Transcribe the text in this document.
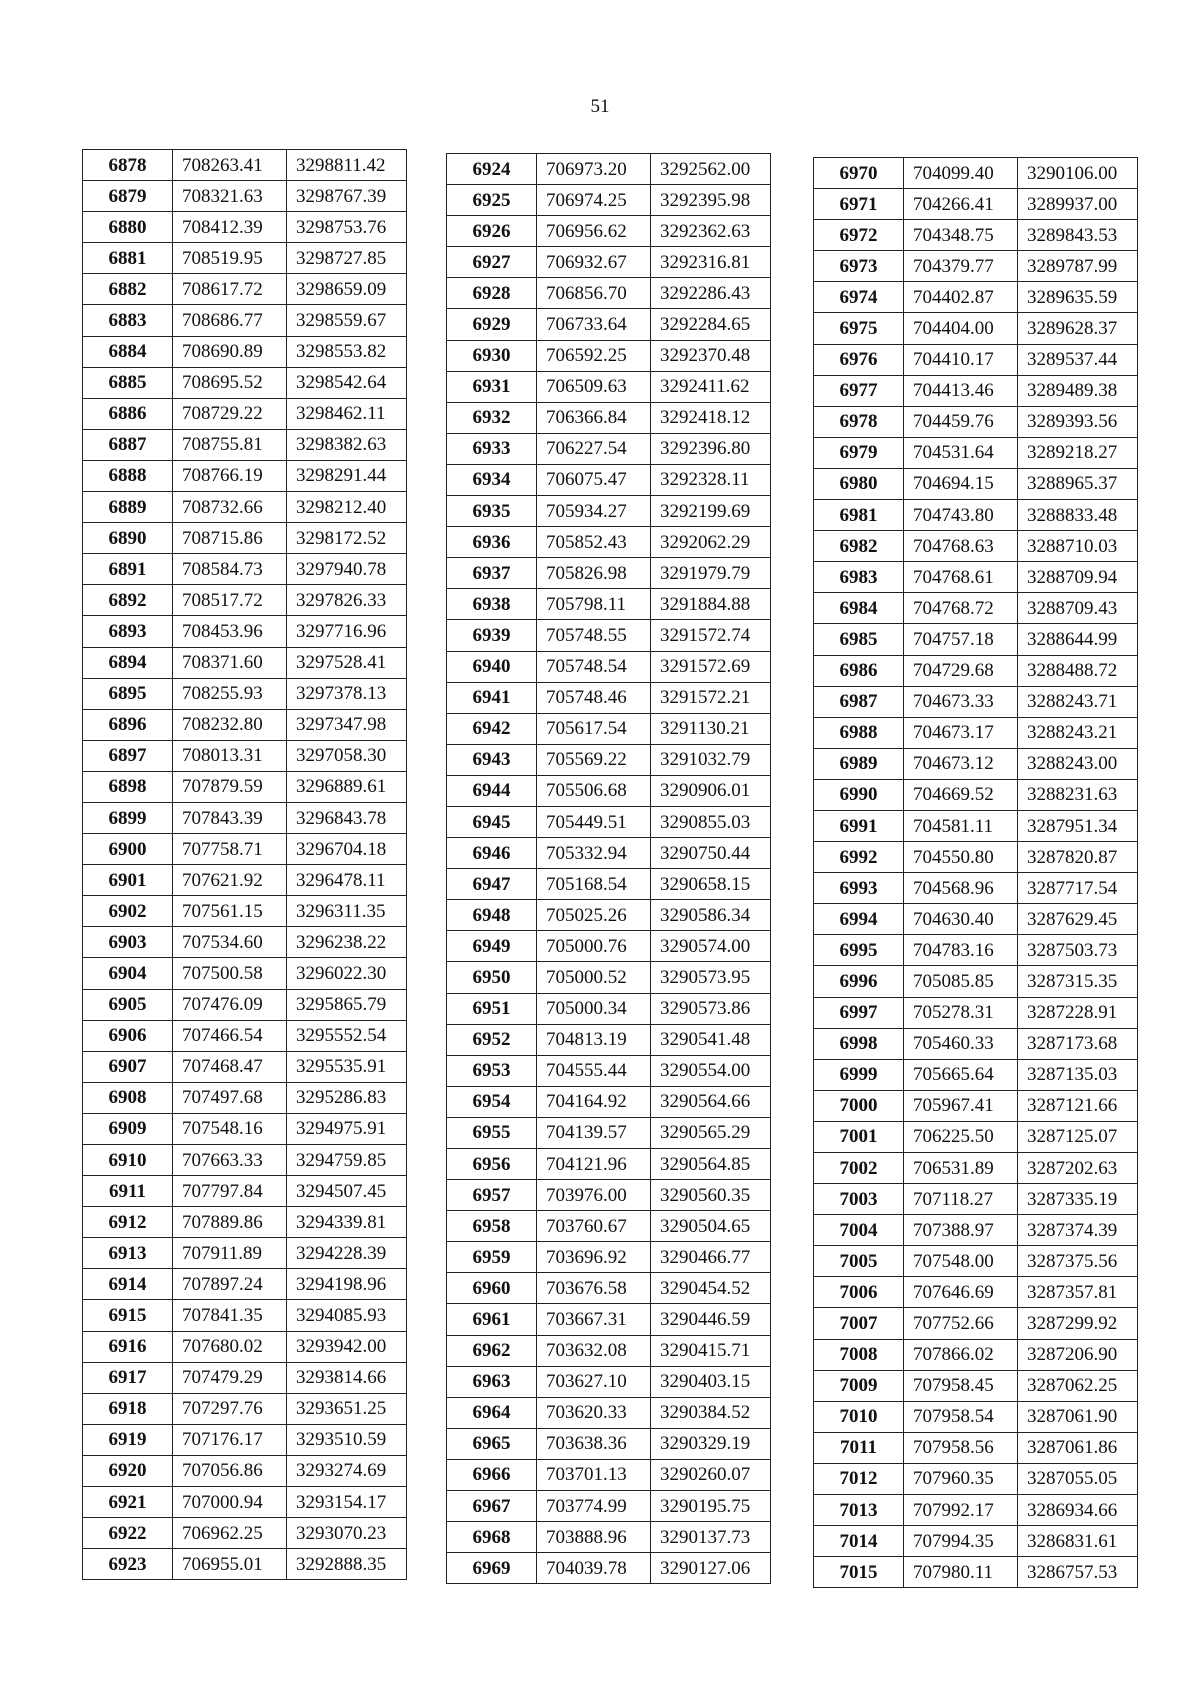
51
6878	708263.41	3298811.42
6879	708321.63	3298767.39
6880	708412.39	3298753.76
6881	708519.95	3298727.85
6882	708617.72	3298659.09
6883	708686.77	3298559.67
6884	708690.89	3298553.82
6885	708695.52	3298542.64
6886	708729.22	3298462.11
6887	708755.81	3298382.63
6888	708766.19	3298291.44
6889	708732.66	3298212.40
6890	708715.86	3298172.52
6891	708584.73	3297940.78
6892	708517.72	3297826.33
6893	708453.96	3297716.96
6894	708371.60	3297528.41
6895	708255.93	3297378.13
6896	708232.80	3297347.98
6897	708013.31	3297058.30
6898	707879.59	3296889.61
6899	707843.39	3296843.78
6900	707758.71	3296704.18
6901	707621.92	3296478.11
6902	707561.15	3296311.35
6903	707534.60	3296238.22
6904	707500.58	3296022.30
6905	707476.09	3295865.79
6906	707466.54	3295552.54
6907	707468.47	3295535.91
6908	707497.68	3295286.83
6909	707548.16	3294975.91
6910	707663.33	3294759.85
6911	707797.84	3294507.45
6912	707889.86	3294339.81
6913	707911.89	3294228.39
6914	707897.24	3294198.96
6915	707841.35	3294085.93
6916	707680.02	3293942.00
6917	707479.29	3293814.66
6918	707297.76	3293651.25
6919	707176.17	3293510.59
6920	707056.86	3293274.69
6921	707000.94	3293154.17
6922	706962.25	3293070.23
6923	706955.01	3292888.35
6924	706973.20	3292562.00
6925	706974.25	3292395.98
6926	706956.62	3292362.63
6927	706932.67	3292316.81
6928	706856.70	3292286.43
6929	706733.64	3292284.65
6930	706592.25	3292370.48
6931	706509.63	3292411.62
6932	706366.84	3292418.12
6933	706227.54	3292396.80
6934	706075.47	3292328.11
6935	705934.27	3292199.69
6936	705852.43	3292062.29
6937	705826.98	3291979.79
6938	705798.11	3291884.88
6939	705748.55	3291572.74
6940	705748.54	3291572.69
6941	705748.46	3291572.21
6942	705617.54	3291130.21
6943	705569.22	3291032.79
6944	705506.68	3290906.01
6945	705449.51	3290855.03
6946	705332.94	3290750.44
6947	705168.54	3290658.15
6948	705025.26	3290586.34
6949	705000.76	3290574.00
6950	705000.52	3290573.95
6951	705000.34	3290573.86
6952	704813.19	3290541.48
6953	704555.44	3290554.00
6954	704164.92	3290564.66
6955	704139.57	3290565.29
6956	704121.96	3290564.85
6957	703976.00	3290560.35
6958	703760.67	3290504.65
6959	703696.92	3290466.77
6960	703676.58	3290454.52
6961	703667.31	3290446.59
6962	703632.08	3290415.71
6963	703627.10	3290403.15
6964	703620.33	3290384.52
6965	703638.36	3290329.19
6966	703701.13	3290260.07
6967	703774.99	3290195.75
6968	703888.96	3290137.73
6969	704039.78	3290127.06
6970	704099.40	3290106.00
6971	704266.41	3289937.00
6972	704348.75	3289843.53
6973	704379.77	3289787.99
6974	704402.87	3289635.59
6975	704404.00	3289628.37
6976	704410.17	3289537.44
6977	704413.46	3289489.38
6978	704459.76	3289393.56
6979	704531.64	3289218.27
6980	704694.15	3288965.37
6981	704743.80	3288833.48
6982	704768.63	3288710.03
6983	704768.61	3288709.94
6984	704768.72	3288709.43
6985	704757.18	3288644.99
6986	704729.68	3288488.72
6987	704673.33	3288243.71
6988	704673.17	3288243.21
6989	704673.12	3288243.00
6990	704669.52	3288231.63
6991	704581.11	3287951.34
6992	704550.80	3287820.87
6993	704568.96	3287717.54
6994	704630.40	3287629.45
6995	704783.16	3287503.73
6996	705085.85	3287315.35
6997	705278.31	3287228.91
6998	705460.33	3287173.68
6999	705665.64	3287135.03
7000	705967.41	3287121.66
7001	706225.50	3287125.07
7002	706531.89	3287202.63
7003	707118.27	3287335.19
7004	707388.97	3287374.39
7005	707548.00	3287375.56
7006	707646.69	3287357.81
7007	707752.66	3287299.92
7008	707866.02	3287206.90
7009	707958.45	3287062.25
7010	707958.54	3287061.90
7011	707958.56	3287061.86
7012	707960.35	3287055.05
7013	707992.17	3286934.66
7014	707994.35	3286831.61
7015	707980.11	3286757.53
